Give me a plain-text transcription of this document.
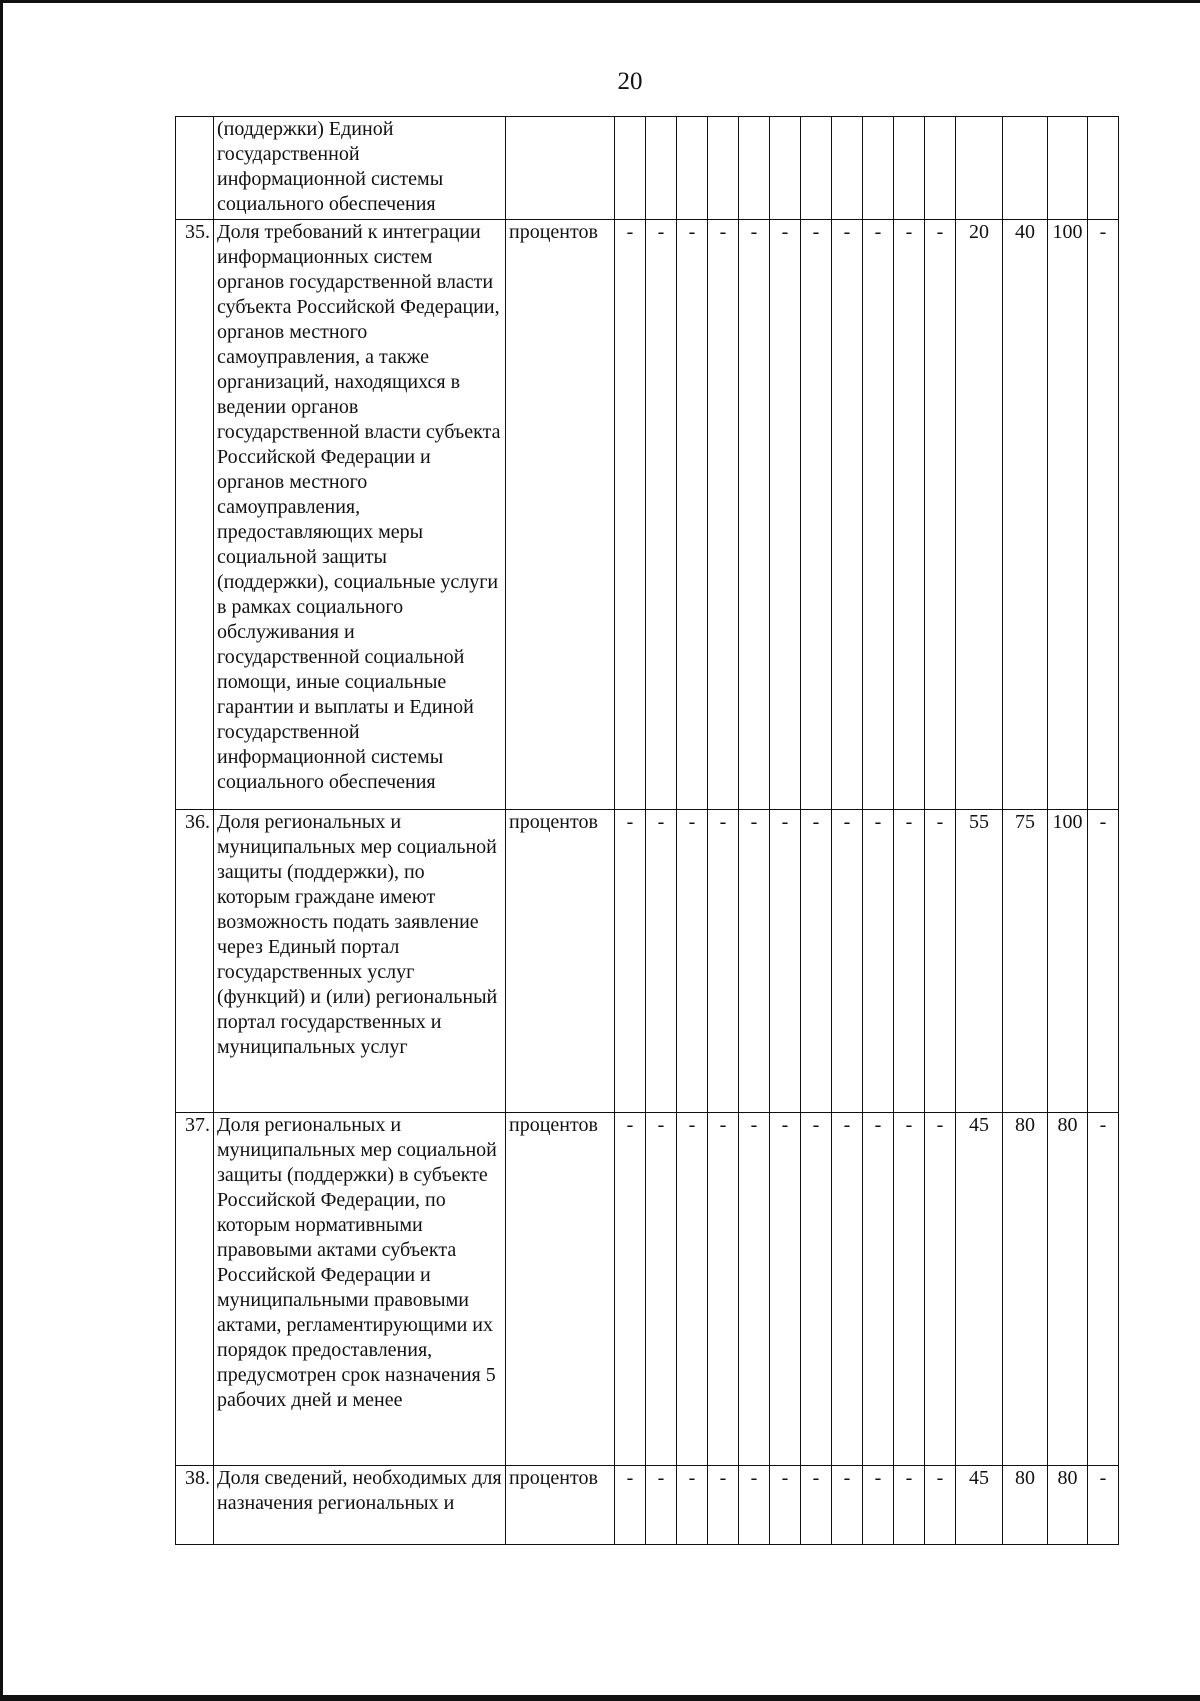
20
	(поддержки) Единой государственной информационной системы социального обеспечения																
35.	Доля требований к интеграции информационных систем органов государственной власти субъекта Российской Федерации, органов местного самоуправления, а также организаций, находящихся в ведении органов государственной власти субъекта Российской Федерации и органов местного самоуправления, предоставляющих меры социальной защиты (поддержки), социальные услуги в рамках социального обслуживания и государственной социальной помощи, иные социальные гарантии и выплаты и Единой государственной информационной системы социального обеспечения	процентов	-	-	-	-	-	-	-	-	-	-	-	20	40	100	-
36.	Доля региональных и муниципальных мер социальной защиты (поддержки), по которым граждане имеют возможность подать заявление через Единый портал государственных услуг (функций) и (или) региональный портал государственных и муниципальных услуг	процентов	-	-	-	-	-	-	-	-	-	-	-	55	75	100	-
37.	Доля региональных и муниципальных мер социальной защиты (поддержки) в субъекте Российской Федерации, по которым нормативными правовыми актами субъекта Российской Федерации и муниципальными правовыми актами, регламентирующими их порядок предоставления, предусмотрен срок назначения 5 рабочих дней и менее	процентов	-	-	-	-	-	-	-	-	-	-	-	45	80	80	-
38.	Доля сведений, необходимых для назначения региональных и	процентов	-	-	-	-	-	-	-	-	-	-	-	45	80	80	-
